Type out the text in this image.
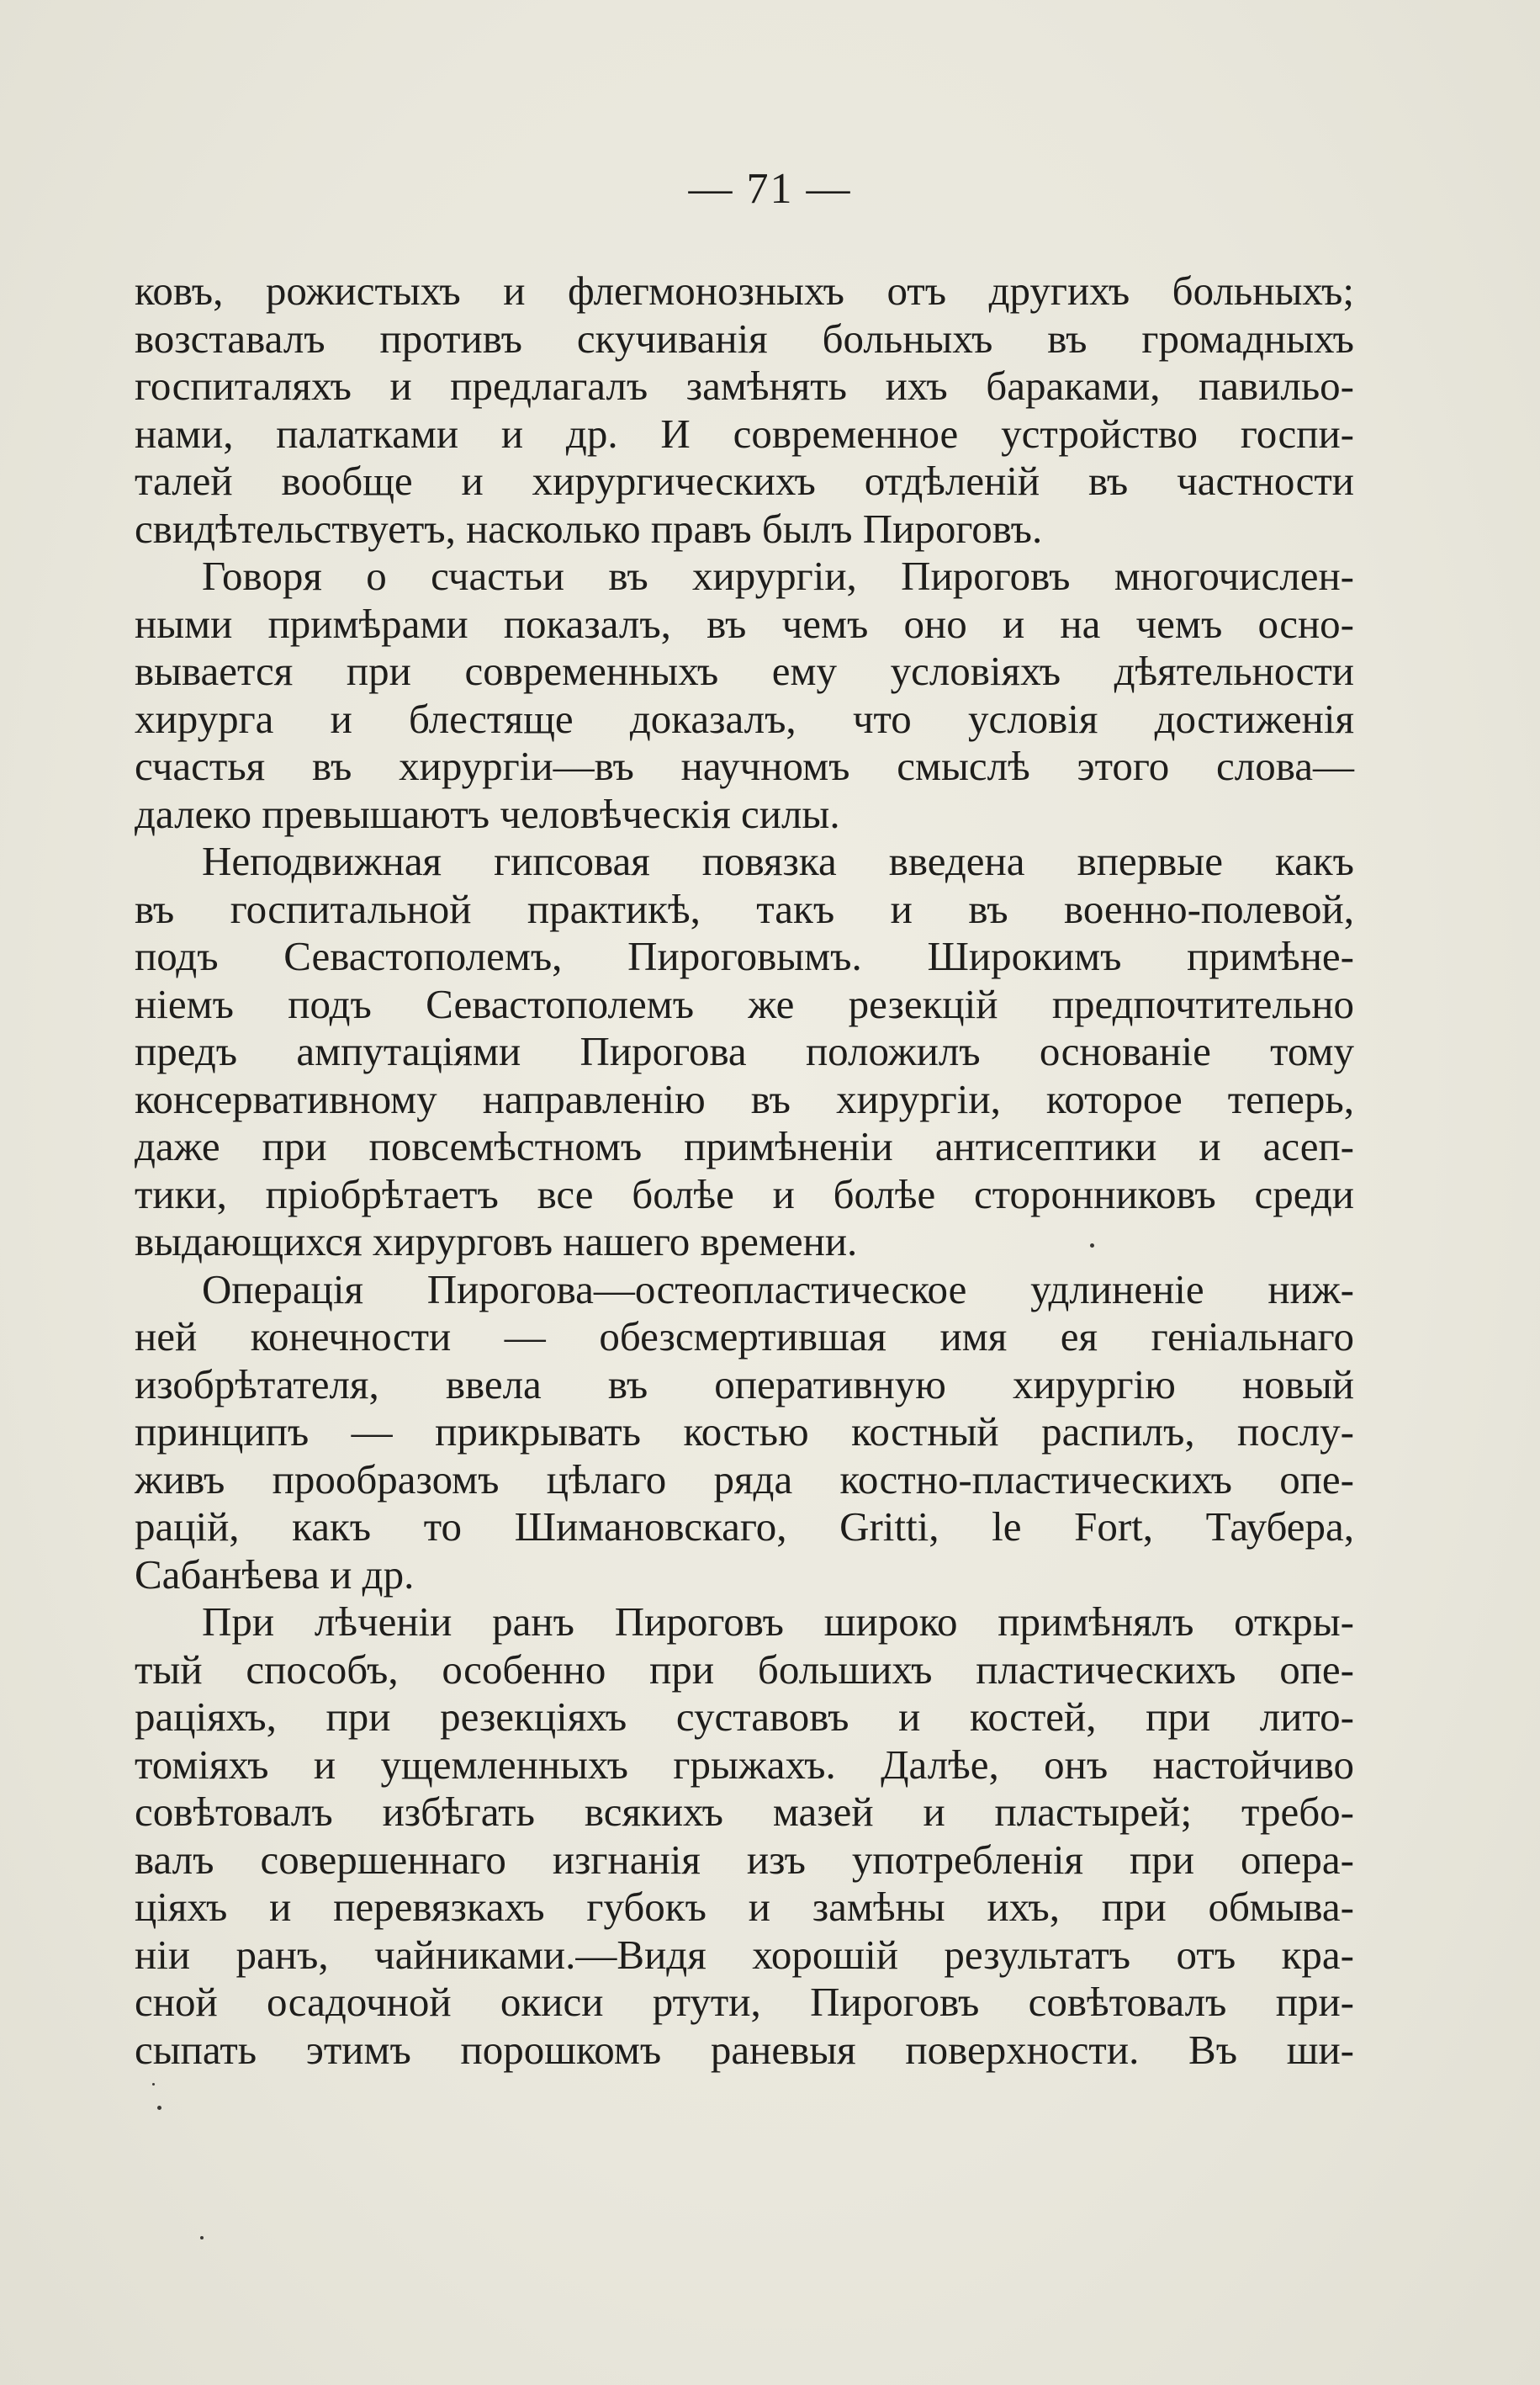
— 71 —

ковъ, рожистыхъ и флегмонозныхъ отъ другихъ больныхъ;
возставалъ противъ скучиванія больныхъ въ громадныхъ
госпиталяхъ и предлагалъ замѣнять ихъ бараками, павильо-
нами, палатками и др. И современное устройство госпи-
талей вообще и хирургическихъ отдѣленій въ частности
свидѣтельствуетъ, насколько правъ былъ Пироговъ.

Говоря о счастьи въ хирургіи, Пироговъ многочислен-
ными примѣрами показалъ, въ чемъ оно и на чемъ осно-
вывается при современныхъ ему условіяхъ дѣятельности
хирурга и блестяще доказалъ, что условія достиженія
счастья въ хирургіи—въ научномъ смыслѣ этого слова—
далеко превышаютъ человѣческія силы.

Неподвижная гипсовая повязка введена впервые какъ
въ госпитальной практикѣ, такъ и въ военно-полевой,
подъ Севастополемъ, Пироговымъ. Широкимъ примѣне-
ніемъ подъ Севастополемъ же резекцій предпочтительно
предъ ампутаціями Пирогова положилъ основаніе тому
консервативному направленію въ хирургіи, которое теперь,
даже при повсемѣстномъ примѣненіи антисептики и асеп-
тики, пріобрѣтаетъ все болѣе и болѣе сторонниковъ среди
выдающихся хирурговъ нашего времени.

Операція Пирогова—остеопластическое удлиненіе ниж-
ней конечности — обезсмертившая имя ея геніальнаго
изобрѣтателя, ввела въ оперативную хирургію новый
принципъ — прикрывать костью костный распилъ, послу-
живъ прообразомъ цѣлаго ряда костно-пластическихъ опе-
рацій, какъ то Шимановскаго, Gritti, le Fort, Таубера,
Сабанѣева и др.

При лѣченіи ранъ Пироговъ широко примѣнялъ откры-
тый способъ, особенно при большихъ пластическихъ опе-
раціяхъ, при резекціяхъ суставовъ и костей, при лито-
томіяхъ и ущемленныхъ грыжахъ. Далѣе, онъ настойчиво
совѣтовалъ избѣгать всякихъ мазей и пластырей; требо-
валъ совершеннаго изгнанія изъ употребленія при опера-
ціяхъ и перевязкахъ губокъ и замѣны ихъ, при обмыва-
ніи ранъ, чайниками.—Видя хорошій результатъ отъ кра-
сной осадочной окиси ртути, Пироговъ совѣтовалъ при-
сыпать этимъ порошкомъ раневыя поверхности. Въ ши-
